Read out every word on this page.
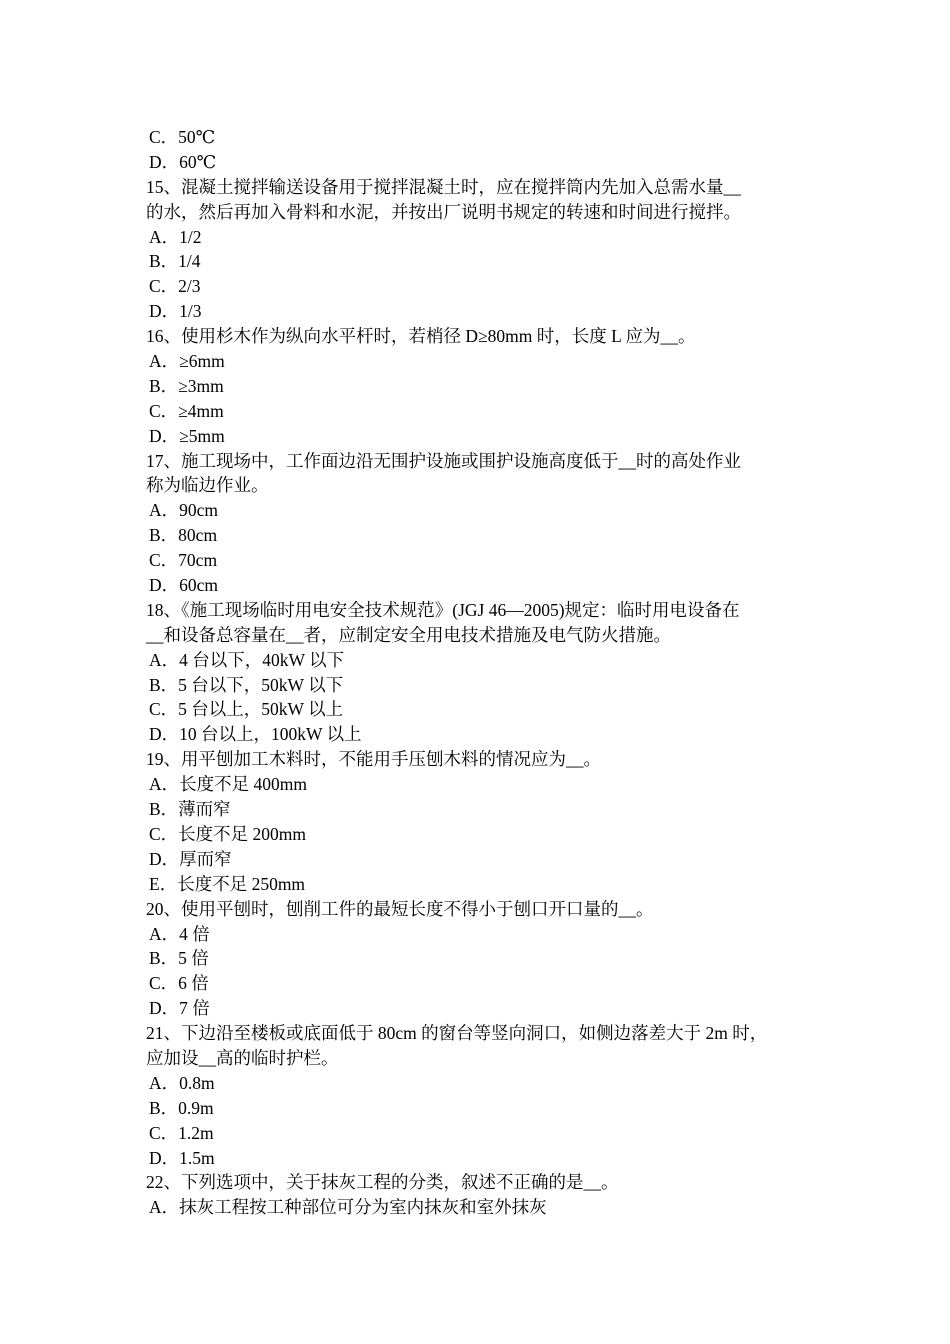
C．50℃
D．60℃
15、混凝土搅拌输送设备用于搅拌混凝土时，应在搅拌筒内先加入总需水量__
的水，然后再加入骨料和水泥，并按出厂说明书规定的转速和时间进行搅拌。
A．1/2
B．1/4
C．2/3
D．1/3
16、使用杉木作为纵向水平杆时，若梢径 D≥80mm 时，长度 L 应为__。
A．≥6mm
B．≥3mm
C．≥4mm
D．≥5mm
17、施工现场中，工作面边沿无围护设施或围护设施高度低于__时的高处作业
称为临边作业。
A．90cm
B．80cm
C．70cm
D．60cm
18、《施工现场临时用电安全技术规范》(JGJ 46—2005)规定：临时用电设备在
__和设备总容量在__者，应制定安全用电技术措施及电气防火措施。
A．4 台以下，40kW 以下
B．5 台以下，50kW 以下
C．5 台以上，50kW 以上
D．10 台以上，100kW 以上
19、用平刨加工木料时，不能用手压刨木料的情况应为__。
A．长度不足 400mm
B．薄而窄
C．长度不足 200mm
D．厚而窄
E．长度不足 250mm
20、使用平刨时，刨削工件的最短长度不得小于刨口开口量的__。
A．4 倍
B．5 倍
C．6 倍
D．7 倍
21、下边沿至楼板或底面低于 80cm 的窗台等竖向洞口，如侧边落差大于 2m 时，
应加设__高的临时护栏。
A．0.8m
B．0.9m
C．1.2m
D．1.5m
22、下列选项中，关于抹灰工程的分类，叙述不正确的是__。
A．抹灰工程按工种部位可分为室内抹灰和室外抹灰
